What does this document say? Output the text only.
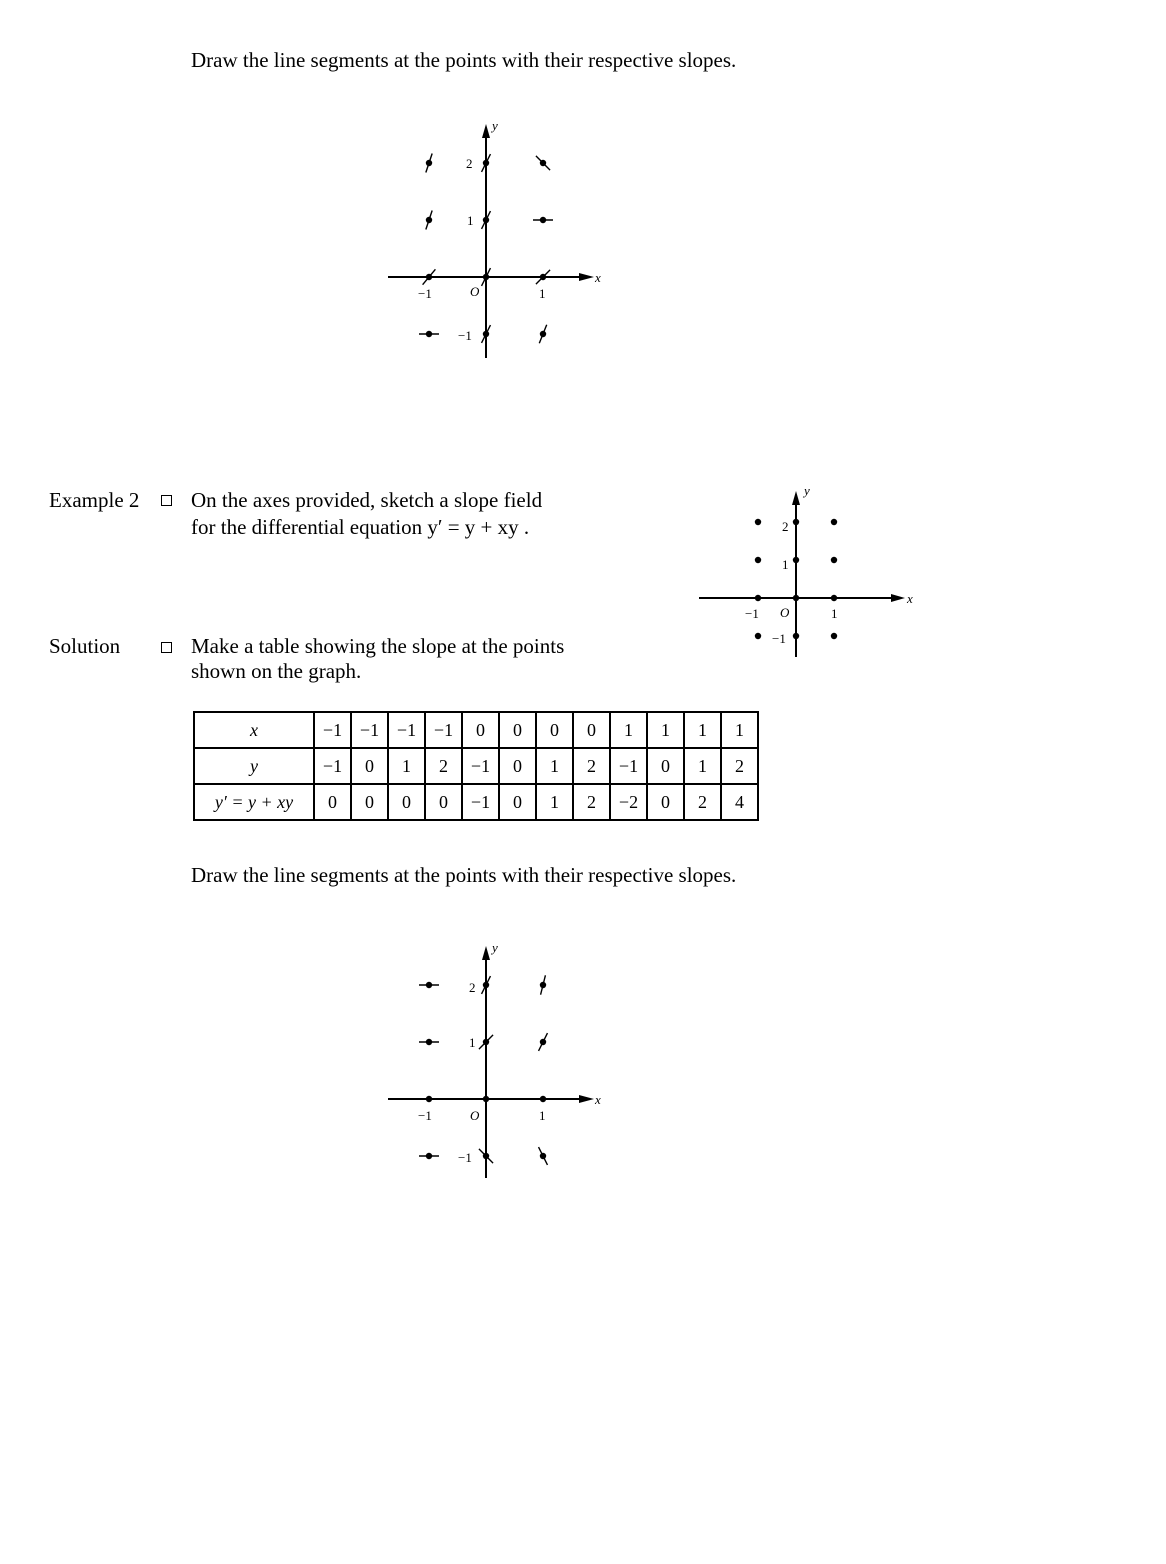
Draw the line segments at the points with their respective slopes.
x
y
O
−1	1
2
1
−1
Example 2 On the axes provided, sketch a slope field
for the differential equation y′ = y + xy .
x
y
O
−1	1
2
1
−1
Solution	Make a table showing the slope at the points
shown on the graph.
x	−1	−1	−1	−1	0	0	0	0	1	1	1	1
y	−1	0	1	2	−1	0	1	2	−1	0	1	2
y′ = y + xy	0	0	0	0	−1	0	1	2	−2	0	2	4
Draw the line segments at the points with their respective slopes.
x
y
O
−1	1
2
1
−1
